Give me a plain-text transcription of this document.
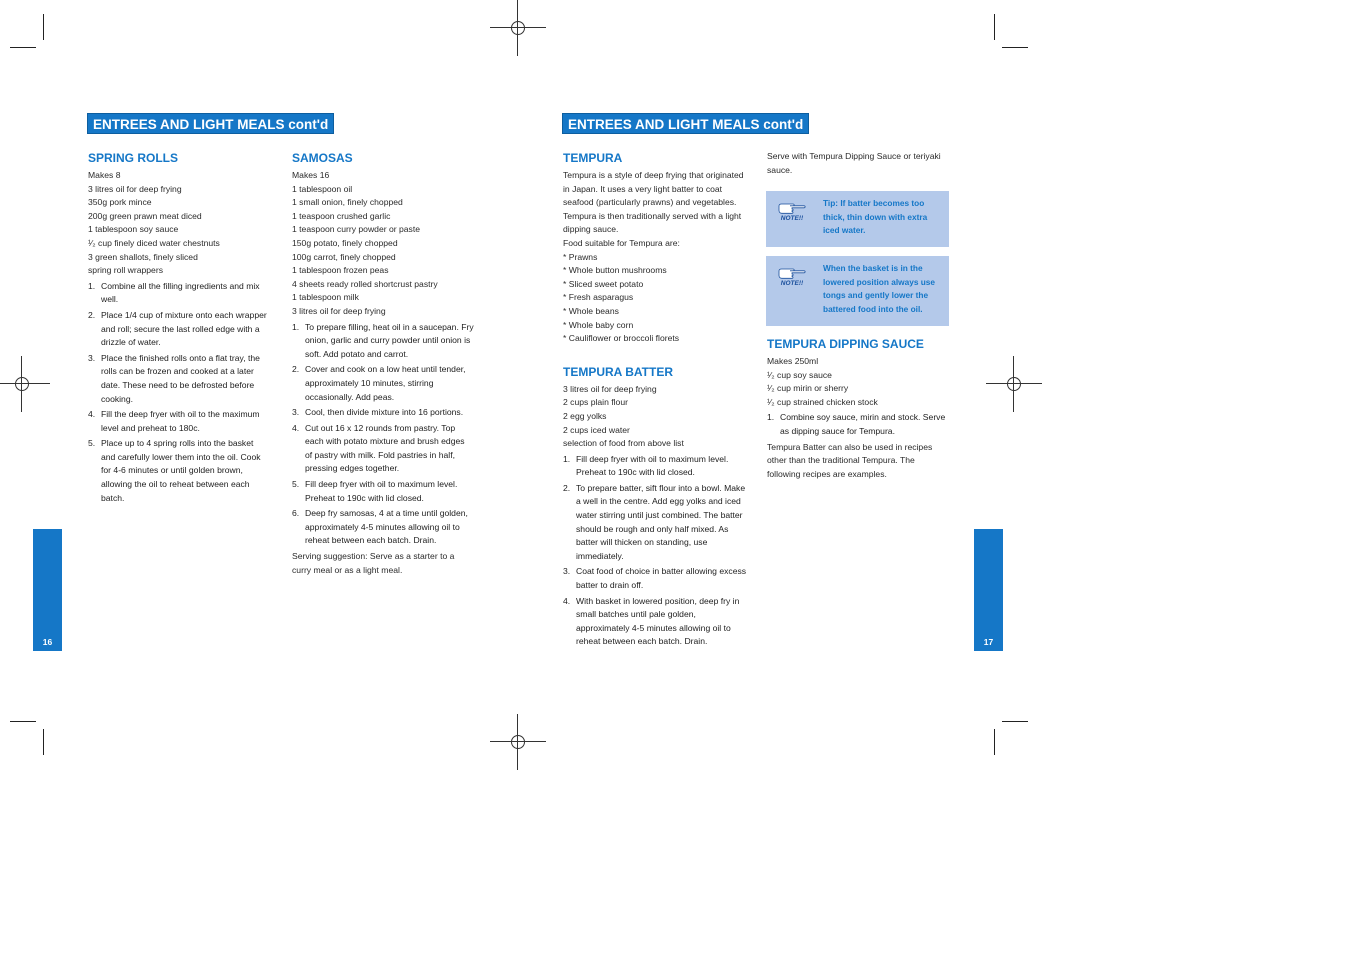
ENTREES AND LIGHT MEALS cont'd
SPRING ROLLS

Makes 8

3 litres oil for deep frying

350g pork mince

200g green prawn meat diced

1 tablespoon soy sauce

¹⁄₂ cup finely diced water chestnuts

3 green shallots, finely sliced

spring roll wrappers

1. Combine all the filling ingredients and mix well.
2. Place 1/4 cup of mixture onto each wrapper and roll; secure the last rolled edge with a drizzle of water.
3. Place the finished rolls onto a flat tray, the rolls can be frozen and cooked at a later date. These need to be defrosted before cooking.
4. Fill the deep fryer with oil to the maximum level and preheat to 180c.
5. Place up to 4 spring rolls into the basket and carefully lower them into the oil. Cook for 4-6 minutes or until golden brown, allowing the oil to reheat between each batch.
SAMOSAS

Makes 16

1 tablespoon oil

1 small onion, finely chopped

1 teaspoon crushed garlic

1 teaspoon curry powder or paste

150g potato, finely chopped

100g carrot, finely chopped

1 tablespoon frozen peas

4 sheets ready rolled shortcrust pastry

1 tablespoon milk

3 litres oil for deep frying

1. To prepare filling, heat oil in a saucepan. Fry onion, garlic and curry powder until onion is soft. Add potato and carrot.
2. Cover and cook on a low heat until tender, approximately 10 minutes, stirring occasionally. Add peas.
3. Cool, then divide mixture into 16 portions.
4. Cut out 16 x 12 rounds from pastry. Top each with potato mixture and brush edges of pastry with milk. Fold pastries in half, pressing edges together.
5. Fill deep fryer with oil to maximum level. Preheat to 190c with lid closed.
6. Deep fry samosas, 4 at a time until golden, approximately 4-5 minutes allowing oil to reheat between each batch. Drain.

Serving suggestion: Serve as a starter to a curry meal or as a light meal.

16
ENTREES AND LIGHT MEALS cont'd
TEMPURA

Tempura is a style of deep frying that originated in Japan. It uses a very light batter to coat seafood (particularly prawns) and vegetables. Tempura is then traditionally served with a light dipping sauce.

Food suitable for Tempura are:

* Prawns

* Whole button mushrooms

* Sliced sweet potato

* Fresh asparagus

* Whole beans

* Whole baby corn

* Cauliflower or broccoli florets

TEMPURA BATTER

3 litres oil for deep frying

2 cups plain flour

2 egg yolks

2 cups iced water

selection of food from above list

1. Fill deep fryer with oil to maximum level. Preheat to 190c with lid closed.
2. To prepare batter, sift flour into a bowl. Make a well in the centre. Add egg yolks and iced water stirring until just combined. The batter should be rough and only half mixed. As batter will thicken on standing, use immediately.
3. Coat food of choice in batter allowing excess batter to drain off.
4. With basket in lowered position, deep fry in small batches until pale golden, approximately 4-5 minutes allowing oil to reheat between each batch. Drain.

Serve with Tempura Dipping Sauce or teriyaki sauce.

NOTE!!
Tip: If batter becomes too thick, thin down with extra iced water.
NOTE!!
When the basket is in the lowered position always use tongs and gently lower the battered food into the oil.
TEMPURA DIPPING SAUCE

Makes 250ml

¹⁄₂ cup soy sauce

¹⁄₂ cup mirin or sherry

¹⁄₂ cup strained chicken stock

1. Combine soy sauce, mirin and stock. Serve as dipping sauce for Tempura.

Tempura Batter can also be used in recipes other than the traditional Tempura. The following recipes are examples.

17
